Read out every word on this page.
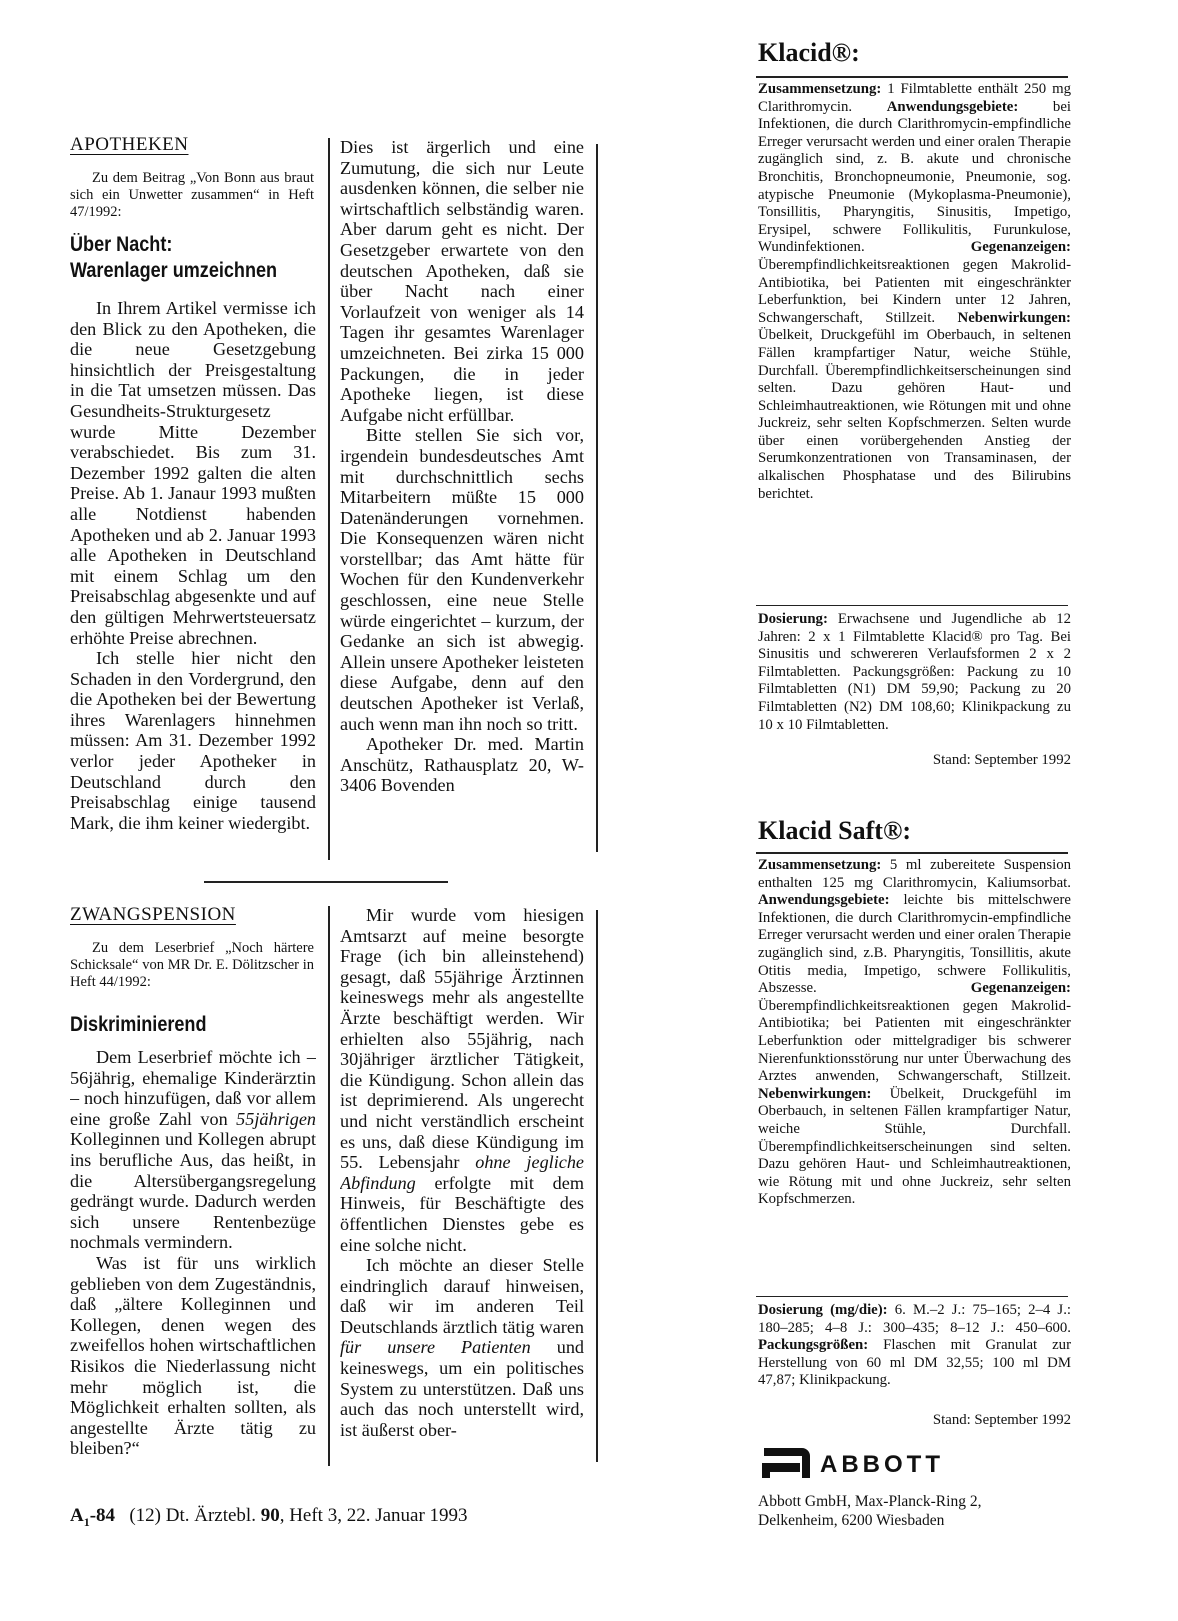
APOTHEKEN
Zu dem Beitrag „Von Bonn aus braut sich ein Unwetter zusammen“ in Heft 47/1992:
Über Nacht:
Warenlager umzeichnen

In Ihrem Artikel vermisse ich den Blick zu den Apotheken, die die neue Gesetzgebung hinsichtlich der Preisgestaltung in die Tat umsetzen müssen. Das Gesundheits-Strukturgesetz wurde Mitte Dezember verabschiedet. Bis zum 31. Dezember 1992 galten die alten Preise. Ab 1. Janaur 1993 mußten alle Notdienst habenden Apotheken und ab 2. Januar 1993 alle Apotheken in Deutschland mit einem Schlag um den Preisabschlag abgesenkte und auf den gültigen Mehrwertsteuersatz erhöhte Preise abrechnen.

Ich stelle hier nicht den Schaden in den Vordergrund, den die Apotheken bei der Bewertung ihres Warenlagers hinnehmen müssen: Am 31. Dezember 1992 verlor jeder Apotheker in Deutschland durch den Preisabschlag einige tausend Mark, die ihm keiner wiedergibt.

Dies ist ärgerlich und eine Zumutung, die sich nur Leute ausdenken können, die selber nie wirtschaftlich selbständig waren. Aber darum geht es nicht. Der Gesetzgeber erwartete von den deutschen Apotheken, daß sie über Nacht nach einer Vorlaufzeit von weniger als 14 Tagen ihr gesamtes Warenlager umzeichneten. Bei zirka 15 000 Packungen, die in jeder Apotheke liegen, ist diese Aufgabe nicht erfüllbar.

Bitte stellen Sie sich vor, irgendein bundesdeutsches Amt mit durchschnittlich sechs Mitarbeitern müßte 15 000 Datenänderungen vornehmen. Die Konsequenzen wären nicht vorstellbar; das Amt hätte für Wochen für den Kundenverkehr geschlossen, eine neue Stelle würde eingerichtet – kurzum, der Gedanke an sich ist abwegig. Allein unsere Apotheker leisteten diese Aufgabe, denn auf den deutschen Apotheker ist Verlaß, auch wenn man ihn noch so tritt.

Apotheker Dr. med. Martin Anschütz, Rathausplatz 20, W-3406 Bovenden

ZWANGSPENSION
Zu dem Leserbrief „Noch härtere Schicksale“ von MR Dr. E. Dölitzscher in Heft 44/1992:
Diskriminierend

Dem Leserbrief möchte ich – 56jährig, ehemalige Kinderärztin – noch hinzufügen, daß vor allem eine große Zahl von 55jährigen Kolleginnen und Kollegen abrupt ins berufliche Aus, das heißt, in die Altersübergangsregelung gedrängt wurde. Dadurch werden sich unsere Rentenbezüge nochmals vermindern.

Was ist für uns wirklich geblieben von dem Zugeständnis, daß „ältere Kolleginnen und Kollegen, denen wegen des zweifellos hohen wirtschaftlichen Risikos die Niederlassung nicht mehr möglich ist, die Möglichkeit erhalten sollten, als angestellte Ärzte tätig zu bleiben?“

Mir wurde vom hiesigen Amtsarzt auf meine besorgte Frage (ich bin alleinstehend) gesagt, daß 55jährige Ärztinnen keineswegs mehr als angestellte Ärzte beschäftigt werden. Wir erhielten also 55jährig, nach 30jähriger ärztlicher Tätigkeit, die Kündigung. Schon allein das ist deprimierend. Als ungerecht und nicht verständlich erscheint es uns, daß diese Kündigung im 55. Lebensjahr ohne jegliche Abfindung erfolgte mit dem Hinweis, für Beschäftigte des öffentlichen Dienstes gebe es eine solche nicht.

Ich möchte an dieser Stelle eindringlich darauf hinweisen, daß wir im anderen Teil Deutschlands ärztlich tätig waren für unsere Patienten und keineswegs, um ein politisches System zu unterstützen. Daß uns auch das noch unterstellt wird, ist äußerst ober-

Klacid®:
Zusammensetzung: 1 Filmtablette enthält 250 mg Clarithromycin. Anwendungsgebiete: bei Infektionen, die durch Clarithromycin-empfindliche Erreger verursacht werden und einer oralen Therapie zugänglich sind, z. B. akute und chronische Bronchitis, Bronchopneumonie, Pneumonie, sog. atypische Pneumonie (Mykoplasma-Pneumonie), Tonsillitis, Pharyngitis, Sinusitis, Impetigo, Erysipel, schwere Follikulitis, Furunkulose, Wundinfektionen. Gegenanzeigen: Überempfindlichkeitsreaktionen gegen Makrolid-Antibiotika, bei Patienten mit eingeschränkter Leberfunktion, bei Kindern unter 12 Jahren, Schwangerschaft, Stillzeit. Nebenwirkungen: Übelkeit, Druckgefühl im Oberbauch, in seltenen Fällen krampfartiger Natur, weiche Stühle, Durchfall. Überempfindlichkeitserscheinungen sind selten. Dazu gehören Haut- und Schleimhautreaktionen, wie Rötungen mit und ohne Juckreiz, sehr selten Kopfschmerzen. Selten wurde über einen vorübergehenden Anstieg der Serumkonzentrationen von Transaminasen, der alkalischen Phosphatase und des Bilirubins berichtet.
Dosierung: Erwachsene und Jugendliche ab 12 Jahren: 2 x 1 Filmtablette Klacid® pro Tag. Bei Sinusitis und schwereren Verlaufsformen 2 x 2 Filmtabletten. Packungsgrößen: Packung zu 10 Filmtabletten (N1) DM 59,90; Packung zu 20 Filmtabletten (N2) DM 108,60; Klinikpackung zu 10 x 10 Filmtabletten.
Stand: September 1992
Klacid Saft®:
Zusammensetzung: 5 ml zubereitete Suspension enthalten 125 mg Clarithromycin, Kaliumsorbat. Anwendungsgebiete: leichte bis mittelschwere Infektionen, die durch Clarithromycin-empfindliche Erreger verursacht werden und einer oralen Therapie zugänglich sind, z.B. Pharyngitis, Tonsillitis, akute Otitis media, Impetigo, schwere Follikulitis, Abszesse. Gegenanzeigen: Überempfindlichkeitsreaktionen gegen Makrolid-Antibiotika; bei Patienten mit eingeschränkter Leberfunktion oder mittelgradiger bis schwerer Nierenfunktionsstörung nur unter Überwachung des Arztes anwenden, Schwangerschaft, Stillzeit. Nebenwirkungen: Übelkeit, Druckgefühl im Oberbauch, in seltenen Fällen krampfartiger Natur, weiche Stühle, Durchfall. Überempfindlichkeitserscheinungen sind selten. Dazu gehören Haut- und Schleimhautreaktionen, wie Rötung mit und ohne Juckreiz, sehr selten Kopfschmerzen.
Dosierung (mg/die): 6. M.–2 J.: 75–165; 2–4 J.: 180–285; 4–8 J.: 300–435; 8–12 J.: 450–600. Packungsgrößen: Flaschen mit Granulat zur Herstellung von 60 ml DM 32,55; 100 ml DM 47,87; Klinikpackung.
Stand: September 1992
ABBOTT
Abbott GmbH, Max-Planck-Ring 2,
Delkenheim, 6200 Wiesbaden
$A_1-84$ (12) Dt. Ärztebl. 90, Heft 3, 22. Januar 1993
